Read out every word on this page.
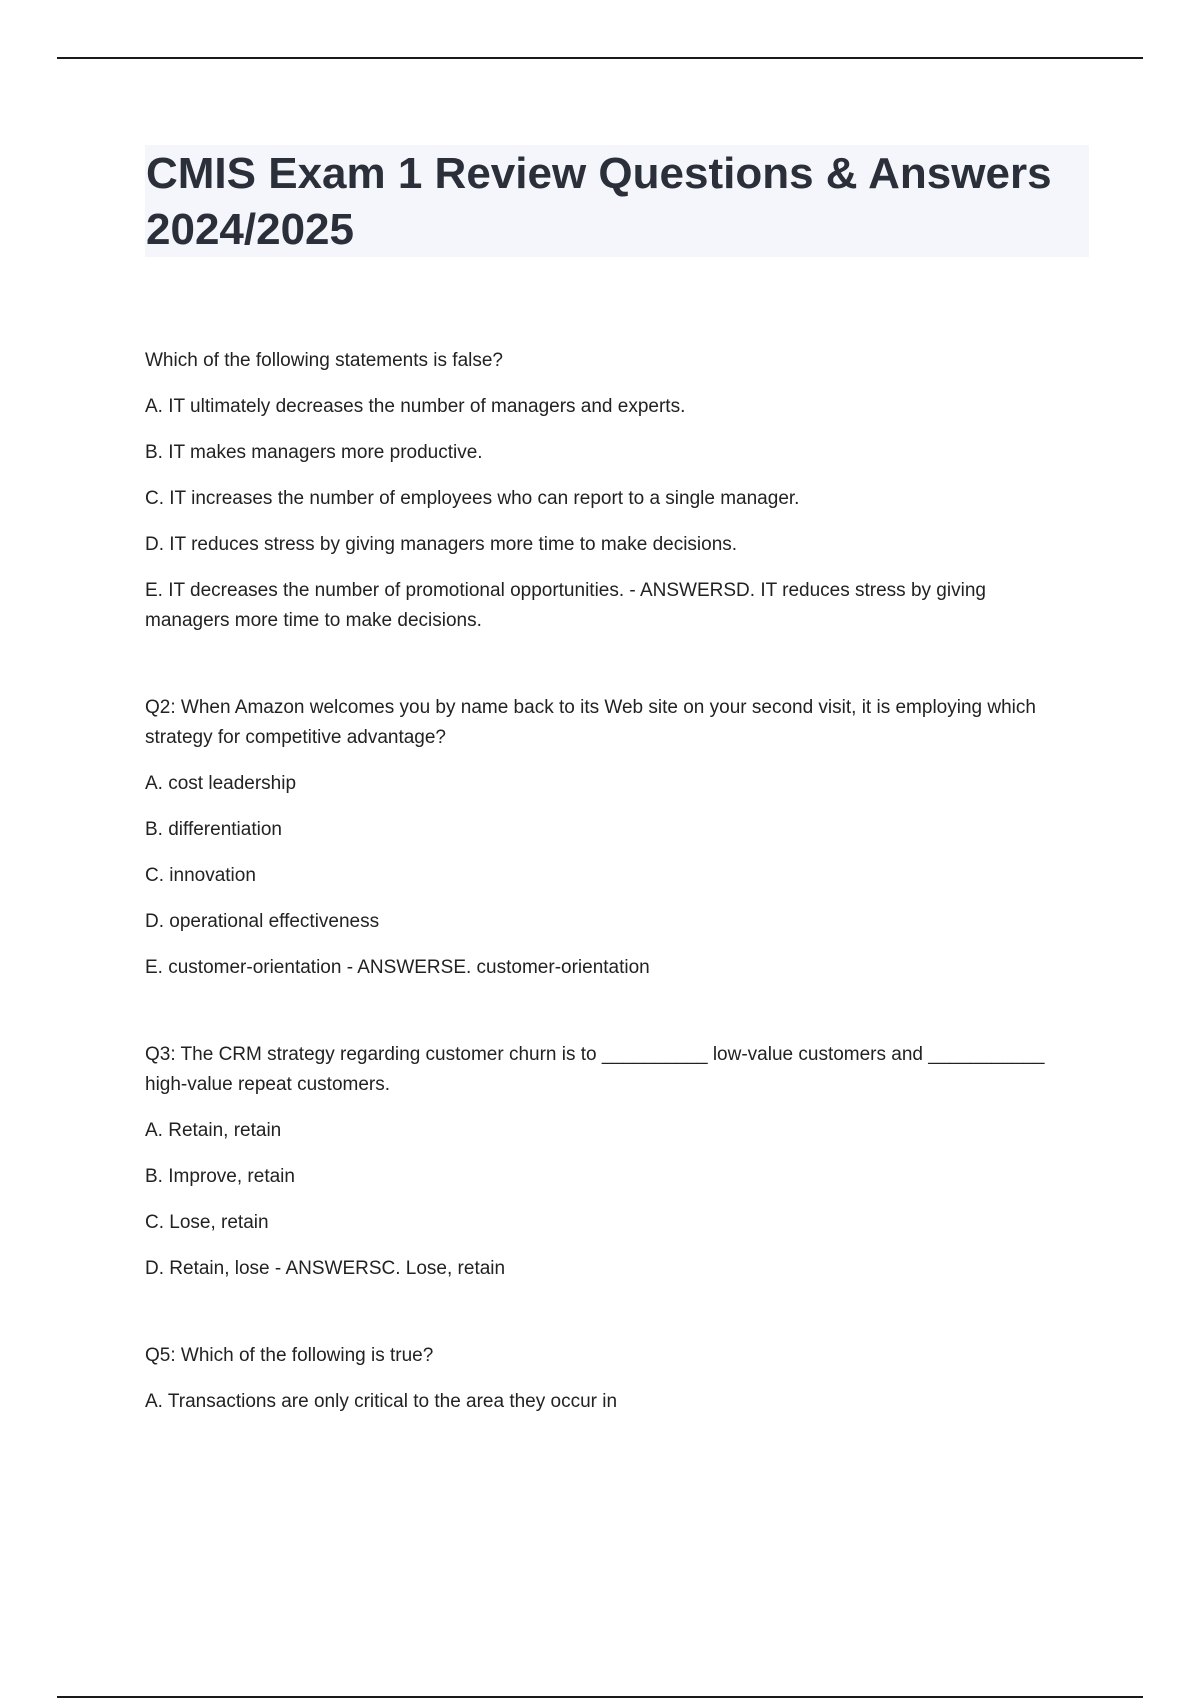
CMIS Exam 1 Review Questions & Answers 2024/2025

Which of the following statements is false?

A. IT ultimately decreases the number of managers and experts.

B. IT makes managers more productive.

C. IT increases the number of employees who can report to a single manager.

D. IT reduces stress by giving managers more time to make decisions.

E. IT decreases the number of promotional opportunities. - ANSWERSD. IT reduces stress by giving managers more time to make decisions.

Q2: When Amazon welcomes you by name back to its Web site on your second visit, it is employing which strategy for competitive advantage?

A. cost leadership

B. differentiation

C. innovation

D. operational effectiveness

E. customer-orientation - ANSWERSE. customer-orientation

Q3: The CRM strategy regarding customer churn is to __________ low-value customers and ___________ high-value repeat customers.

A. Retain, retain

B. Improve, retain

C. Lose, retain

D. Retain, lose - ANSWERSC. Lose, retain

Q5: Which of the following is true?

A. Transactions are only critical to the area they occur in
